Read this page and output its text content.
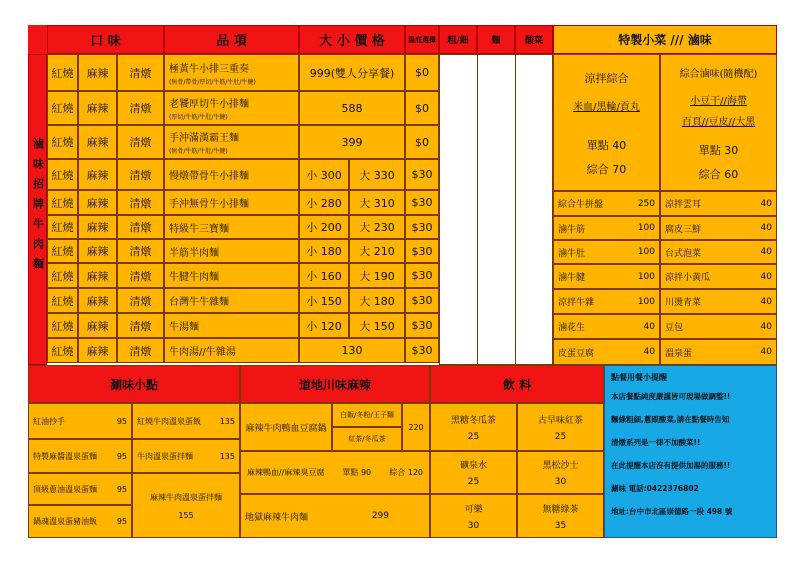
口 味	品 項	大 小 價 格	湯底選擇	粗/細	麵	酸菜	特製小菜 /// 滷味
滷味招牌牛肉麵
紅燒	麻辣	清燉	極黃牛小排三重奏
(無骨/帶骨/厚切/牛筋/牛肚/牛腱)
999(雙人分享餐)	$0
紅燒	麻辣	清燉	老饕厚切牛小排麵
(厚切/牛筋/牛肚/牛腱)
588	$0
紅燒	麻辣	清燉	手沖滿漢霸王麵
(無骨/牛筋/牛肚/牛腱)
399	$0
紅燒	麻辣	清燉	慢燉帶骨牛小排麵	小 300	大 330	$30
紅燒	麻辣	清燉	手沖無骨牛小排麵	小 280	大 310	$30
紅燒	麻辣	清燉	特級牛三寶麵	小 200	大 230	$30
紅燒	麻辣	清燉	半筋半肉麵	小 180	大 210	$30
紅燒	麻辣	清燉	牛腱牛肉麵	小 160	大 190	$30
紅燒	麻辣	清燉	台灣牛牛雜麵	小 150	大 180	$30
紅燒	麻辣	清燉	牛湯麵	小 120	大 150	$30
紅燒	麻辣	清燉	牛肉湯//牛雜湯	130	$30
涼拌綜合
米血/黑輪/貢丸
單點 40
綜合 70
綜合滷味(隨機配)
小豆干//海帶
百頁//豆皮//大黑
單點 30
綜合 60
綜合牛拼盤	250 涼拌雲耳	40
滷牛筋	100 腐皮三鮮	40
滷牛肚	100 台式泡菜	40
滷牛腱	100 涼拌小黃瓜	40
涼拌牛雜	100 川燙青菜	40
滷花生	40 豆包	40
皮蛋豆腐	40 溫泉蛋	40
涮味小點
紅油抄手	95 紅燒牛肉溫泉蛋飯 135
特製麻醬溫泉蛋麵 95 牛肉溫泉蛋拌麵	135
頂級蔥油溫泉蛋麵 95
麻辣牛肉溫泉蛋拌麵
155
鍋魂溫泉蛋豬油飯 95
道地川味麻辣
麻辣牛肉鴨血豆腐鍋
白飯/冬粉/王子麵
紅茶/冬瓜茶
220
麻辣鴨血//麻辣臭豆腐 單點 90 綜合 120
地獄麻辣牛肉麵	299
飲 料
黑糖冬瓜茶
25
古早味紅茶
25
礦泉水
25
黑松沙士
30
可樂
30
無糖綠茶
35
點餐用餐小提醒
本店餐點純度嚴謹皆可現場做調整!!
麵條粗細,蔥跟酸菜,請在點餐時告知
清燉系列是一律不加酸菜!!
在此提醒本店沒有提供加湯的服務!!
涮味 電話:0422376802
地址:台中市北區崇德路一段 498 號
